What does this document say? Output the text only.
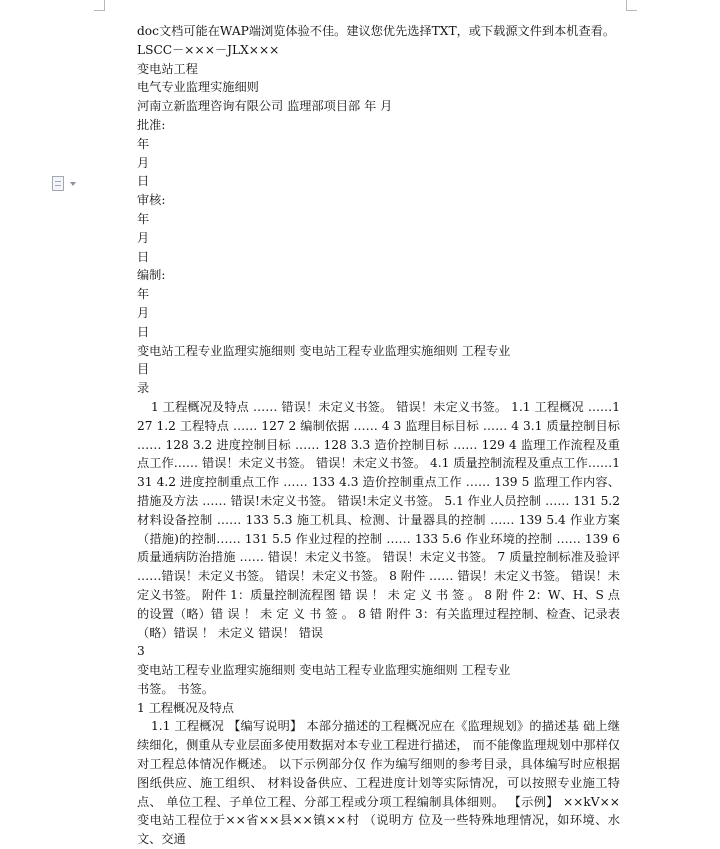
doc文档可能在WAP端浏览体验不佳。建议您优先选择TXT，或下载源文件到本机查看。
LSCC－×××－JLX×××
变电站工程
电气专业监理实施细则
河南立新监理咨询有限公司 监理部项目部 年 月
批准:
年
月
日
审核:
年
月
日
编制:
年
月
日
变电站工程专业监理实施细则 变电站工程专业监理实施细则 工程专业
目
录
1 工程概况及特点 …… 错误！未定义书签。 错误！未定义书签。 1.1 工程概况 ……127 1.2 工程特点 …… 127 2 编制依据 …… 4 3 监理目标目标 …… 4 3.1 质量控制目标 …… 128 3.2 进度控制目标 …… 128 3.3 造价控制目标 …… 129 4 监理工作流程及重点工作…… 错误！未定义书签。 错误！未定义书签。 4.1 质量控制流程及重点工作……131 4.2 进度控制重点工作 …… 133 4.3 造价控制重点工作 …… 139 5 监理工作内容、措施及方法 …… 错误!未定义书签。 错误!未定义书签。 5.1 作业人员控制 …… 131 5.2 材料设备控制 …… 133 5.3 施工机具、检测、计量器具的控制 …… 139 5.4 作业方案（措施)的控制…… 131 5.5 作业过程的控制 …… 133 5.6 作业环境的控制 …… 139 6 质量通病防治措施 …… 错误！未定义书签。 错误！未定义书签。 7 质量控制标准及验评 ……错误！未定义书签。 错误！未定义书签。 8 附件 …… 错误！未定义书签。 错误！未定义书签。 附件 1：质量控制流程图 错 误 ！ 未 定 义 书 签 。 8 附 件 2：W、H、S 点的设置（略）错 误 ！ 未 定 义 书 签 。 8 错 附件 3：有关监理过程控制、检查、记录表（略）错误 ！ 未定义 错误！ 错误
3
变电站工程专业监理实施细则 变电站工程专业监理实施细则 工程专业
书签。 书签。
1 工程概况及特点
1.1 工程概况 【编写说明】 本部分描述的工程概况应在《监理规划》的描述基 础上继续细化，侧重从专业层面多使用数据对本专业工程进行描述， 而不能像监理规划中那样仅对工程总体情况作概述。 以下示例部分仅 作为编写细则的参考目录，具体编写时应根据图纸供应、施工组织、 材料设备供应、工程进度计划等实际情况，可以按照专业施工特点、 单位工程、子单位工程、分部工程或分项工程编制具体细则。 【示例】 ××kV××变电站工程位于××省××县××镇××村 （说明方 位及一些特殊地理情况，如环境、水文、交通
